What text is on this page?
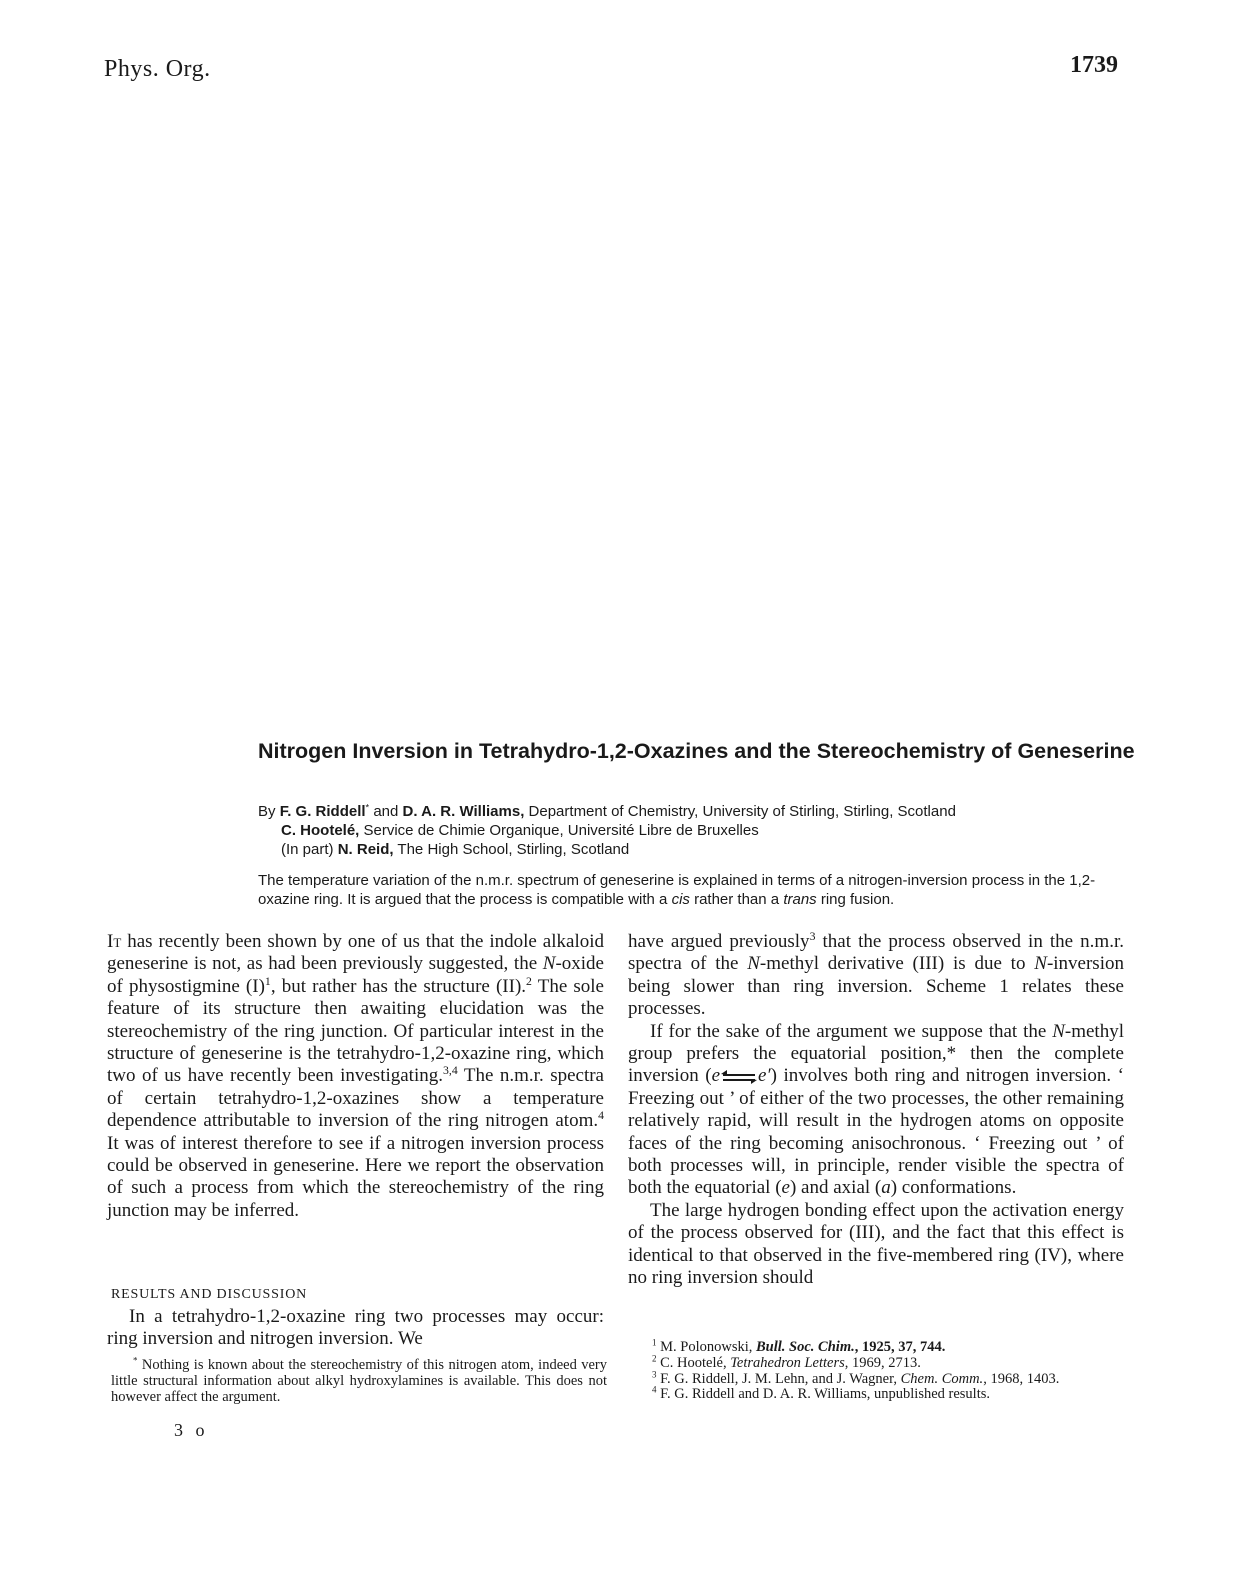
Phys. Org.	1739
Nitrogen Inversion in Tetrahydro-1,2-Oxazines and the Stereochemistry of Geneserine
By F. G. Riddell* and D. A. R. Williams, Department of Chemistry, University of Stirling, Stirling, Scotland
C. Hootelé, Service de Chimie Organique, Université Libre de Bruxelles
(In part) N. Reid, The High School, Stirling, Scotland
The temperature variation of the n.m.r. spectrum of geneserine is explained in terms of a nitrogen-inversion process in the 1,2-oxazine ring. It is argued that the process is compatible with a cis rather than a trans ring fusion.

It has recently been shown by one of us that the indole alkaloid geneserine is not, as had been previously suggested, the N-oxide of physostigmine $(I)^1$, but rather has the structure (II).$^2$ The sole feature of its structure then awaiting elucidation was the stereochemistry of the ring junction. Of particular interest in the structure of geneserine is the tetrahydro-1,2-oxazine ring, which two of us have recently been investigating.$^{3,4}$ The n.m.r. spectra of certain tetrahydro-1,2-oxazines show a temperature dependence attributable to inversion of the ring nitrogen atom.$^4$ It was of interest therefore to see if a nitrogen inversion process could be observed in geneserine. Here we report the observation of such a process from which the stereochemistry of the ring junction may be inferred.

RESULTS AND DISCUSSION

In a tetrahydro-1,2-oxazine ring two processes may occur: ring inversion and nitrogen inversion. We

* Nothing is known about the stereochemistry of this nitrogen atom, indeed very little structural information about alkyl hydroxylamines is available. This does not however affect the argument.

3 o

have argued previously$^3$ that the process observed in the n.m.r. spectra of the N-methyl derivative (III) is due to N-inversion being slower than ring inversion. Scheme 1 relates these processes.

If for the sake of the argument we suppose that the N-methyl group prefers the equatorial position,* then the complete inversion (e e′) involves both ring and nitrogen inversion. ‘ Freezing out ’ of either of the two processes, the other remaining relatively rapid, will result in the hydrogen atoms on opposite faces of the ring becoming anisochronous. ‘ Freezing out ’ of both processes will, in principle, render visible the spectra of both the equatorial (e) and axial (a) conformations.

The large hydrogen bonding effect upon the activation energy of the process observed for (III), and the fact that this effect is identical to that observed in the five-membered ring (IV), where no ring inversion should

$^1$ M. Polonowski, Bull. Soc. Chim., 1925, 37, 744.

$^2$ C. Hootelé, Tetrahedron Letters, 1969, 2713.

$^3$ F. G. Riddell, J. M. Lehn, and J. Wagner, Chem. Comm., 1968, 1403.

$^4$ F. G. Riddell and D. A. R. Williams, unpublished results.
